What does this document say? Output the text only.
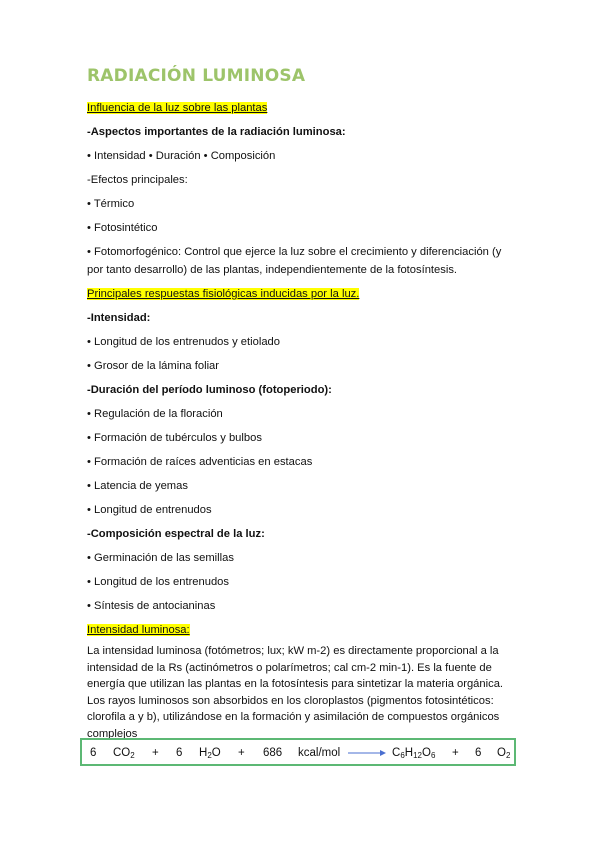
RADIACIÓN LUMINOSA
Influencia de la luz sobre las plantas
-Aspectos importantes de la radiación luminosa:
• Intensidad • Duración • Composición
-Efectos principales:
• Térmico
• Fotosintético
• Fotomorfogénico: Control que ejerce la luz sobre el crecimiento y diferenciación (y
por tanto desarrollo) de las plantas, independientemente de la fotosíntesis.
Principales respuestas fisiológicas inducidas por la luz.
-Intensidad:
• Longitud de los entrenudos y etiolado
• Grosor de la lámina foliar
-Duración del período luminoso (fotoperiodo):
• Regulación de la floración
• Formación de tubérculos y bulbos
• Formación de raíces adventicias en estacas
• Latencia de yemas
• Longitud de entrenudos
-Composición espectral de la luz:
• Germinación de las semillas
• Longitud de los entrenudos
• Síntesis de antocianinas
Intensidad luminosa:

La intensidad luminosa (fotómetros; lux; kW m-2) es directamente proporcional a la

intensidad de la Rs (actinómetros o polarímetros; cal cm-2 min-1). Es la fuente de

energía que utilizan las plantas en la fotosíntesis para sintetizar la materia orgánica.

Los rayos luminosos son absorbidos en los cloroplastos (pigmentos fotosintéticos:

clorofila a y b), utilizándose en la formación y asimilación de compuestos orgánicos

complejos

6 $CO_2 + 6$ $H_2O + 686$ kcal/mol → $C_6H_{12}O_6 + 6$ $O_2$
